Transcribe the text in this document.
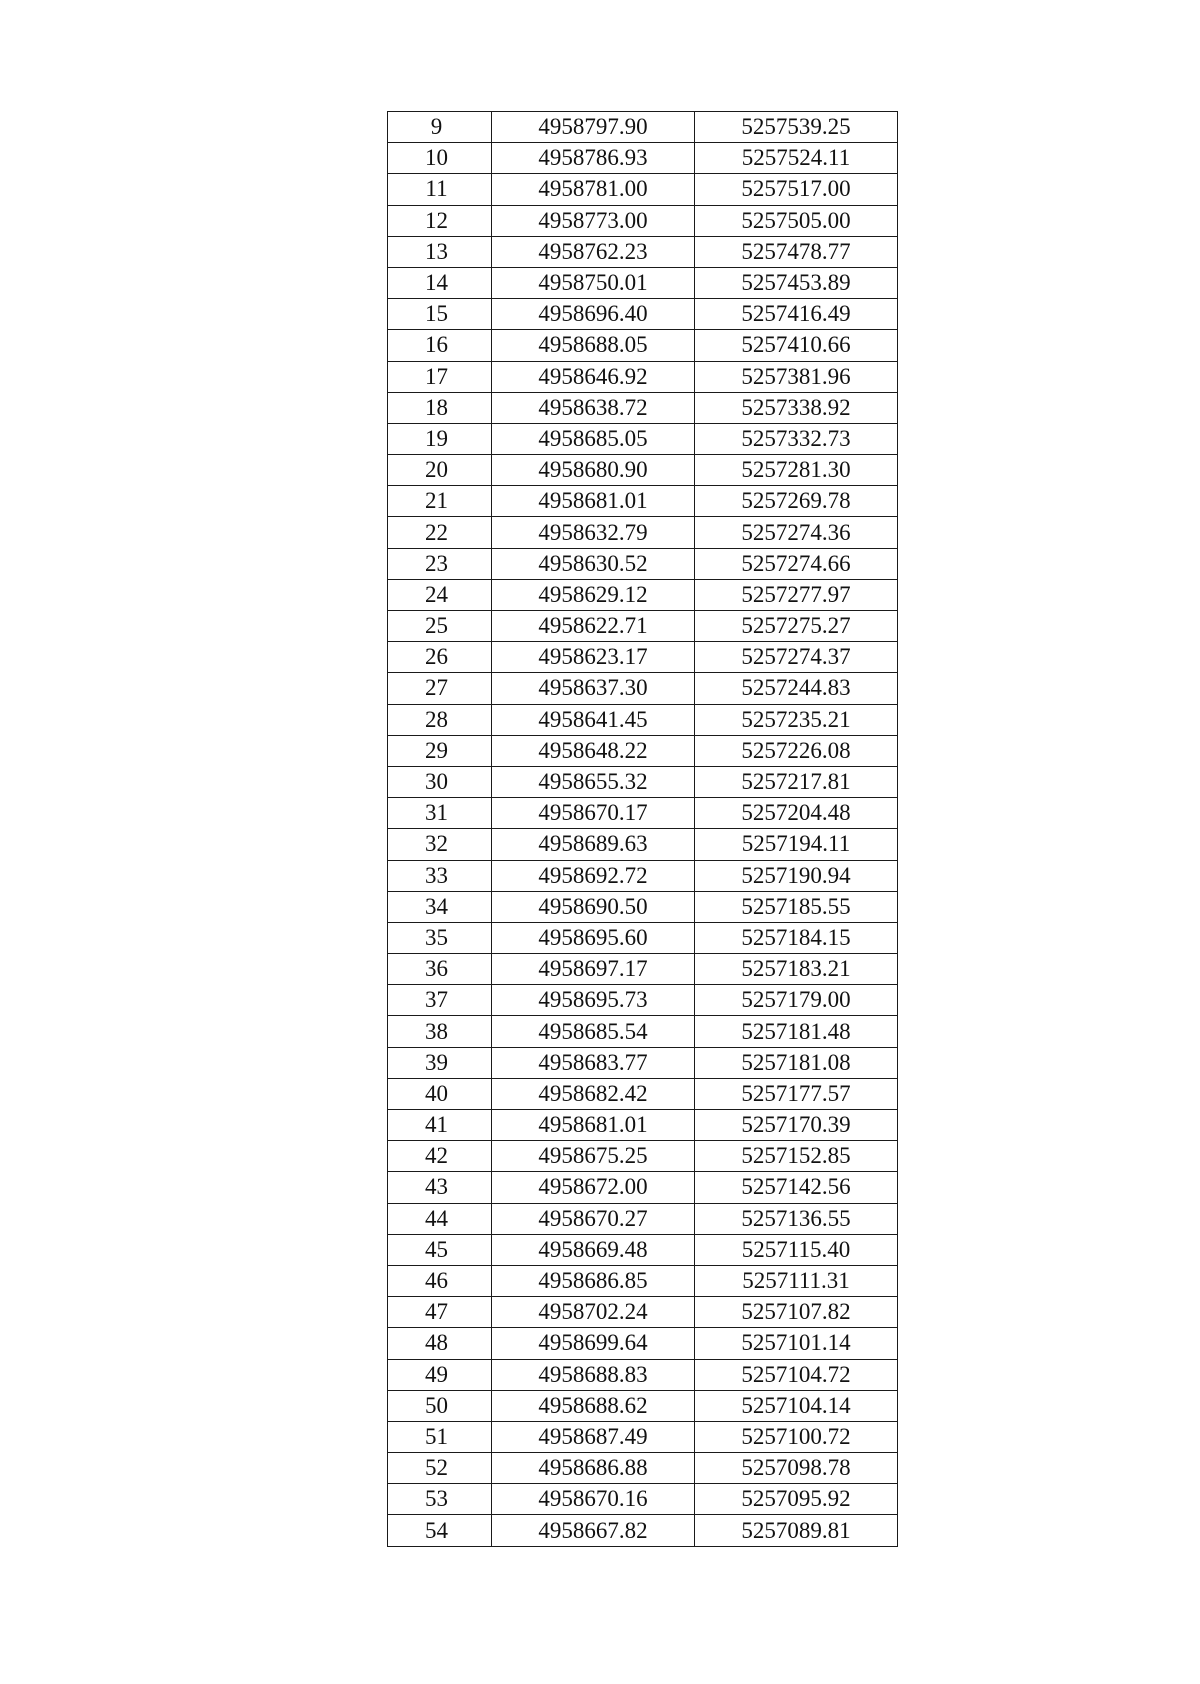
9	4958797.90	5257539.25
10	4958786.93	5257524.11
11	4958781.00	5257517.00
12	4958773.00	5257505.00
13	4958762.23	5257478.77
14	4958750.01	5257453.89
15	4958696.40	5257416.49
16	4958688.05	5257410.66
17	4958646.92	5257381.96
18	4958638.72	5257338.92
19	4958685.05	5257332.73
20	4958680.90	5257281.30
21	4958681.01	5257269.78
22	4958632.79	5257274.36
23	4958630.52	5257274.66
24	4958629.12	5257277.97
25	4958622.71	5257275.27
26	4958623.17	5257274.37
27	4958637.30	5257244.83
28	4958641.45	5257235.21
29	4958648.22	5257226.08
30	4958655.32	5257217.81
31	4958670.17	5257204.48
32	4958689.63	5257194.11
33	4958692.72	5257190.94
34	4958690.50	5257185.55
35	4958695.60	5257184.15
36	4958697.17	5257183.21
37	4958695.73	5257179.00
38	4958685.54	5257181.48
39	4958683.77	5257181.08
40	4958682.42	5257177.57
41	4958681.01	5257170.39
42	4958675.25	5257152.85
43	4958672.00	5257142.56
44	4958670.27	5257136.55
45	4958669.48	5257115.40
46	4958686.85	5257111.31
47	4958702.24	5257107.82
48	4958699.64	5257101.14
49	4958688.83	5257104.72
50	4958688.62	5257104.14
51	4958687.49	5257100.72
52	4958686.88	5257098.78
53	4958670.16	5257095.92
54	4958667.82	5257089.81
